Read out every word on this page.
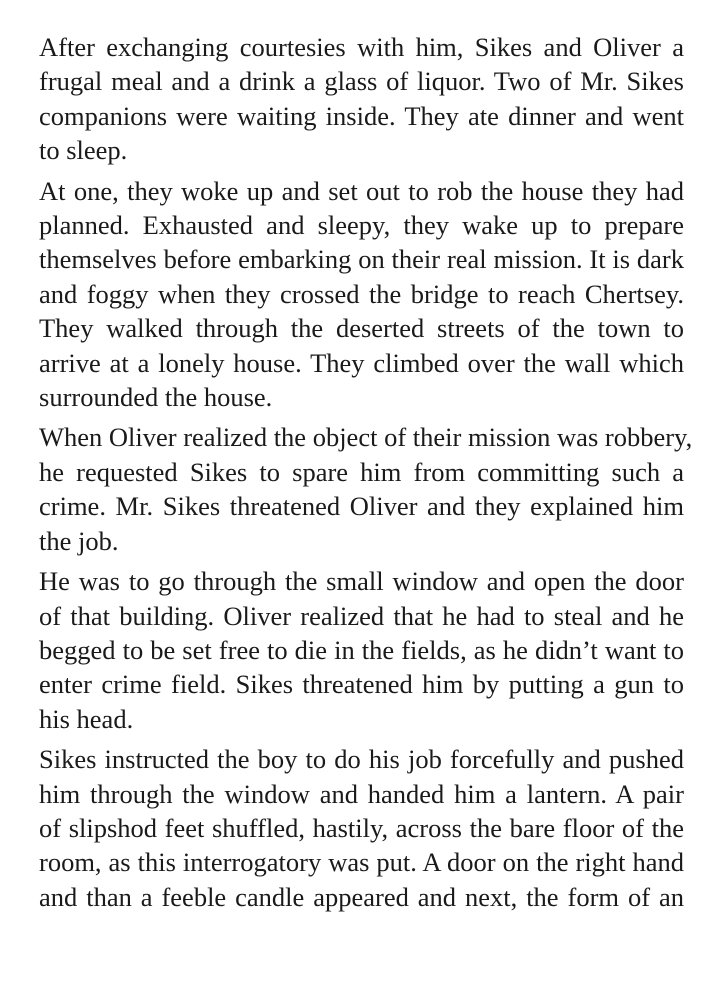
After exchanging courtesies with him, Sikes and Oliver a
frugal meal and a drink a glass of liquor. Two of Mr. Sikes
companions were waiting inside. They ate dinner and went
to sleep.

At one, they woke up and set out to rob the house they had
planned. Exhausted and sleepy, they wake up to prepare
themselves before embarking on their real mission. It is dark
and foggy when they crossed the bridge to reach Chertsey.
They walked through the deserted streets of the town to
arrive at a lonely house. They climbed over the wall which
surrounded the house.

When Oliver realized the object of their mission was robbery,
he requested Sikes to spare him from committing such a
crime. Mr. Sikes threatened Oliver and they explained him
the job.

He was to go through the small window and open the door
of that building. Oliver realized that he had to steal and he
begged to be set free to die in the fields, as he didn’t want to
enter crime field. Sikes threatened him by putting a gun to
his head.

Sikes instructed the boy to do his job forcefully and pushed
him through the window and handed him a lantern. A pair
of slipshod feet shuffled, hastily, across the bare floor of the
room, as this interrogatory was put. A door on the right hand
and than a feeble candle appeared and next, the form of an
